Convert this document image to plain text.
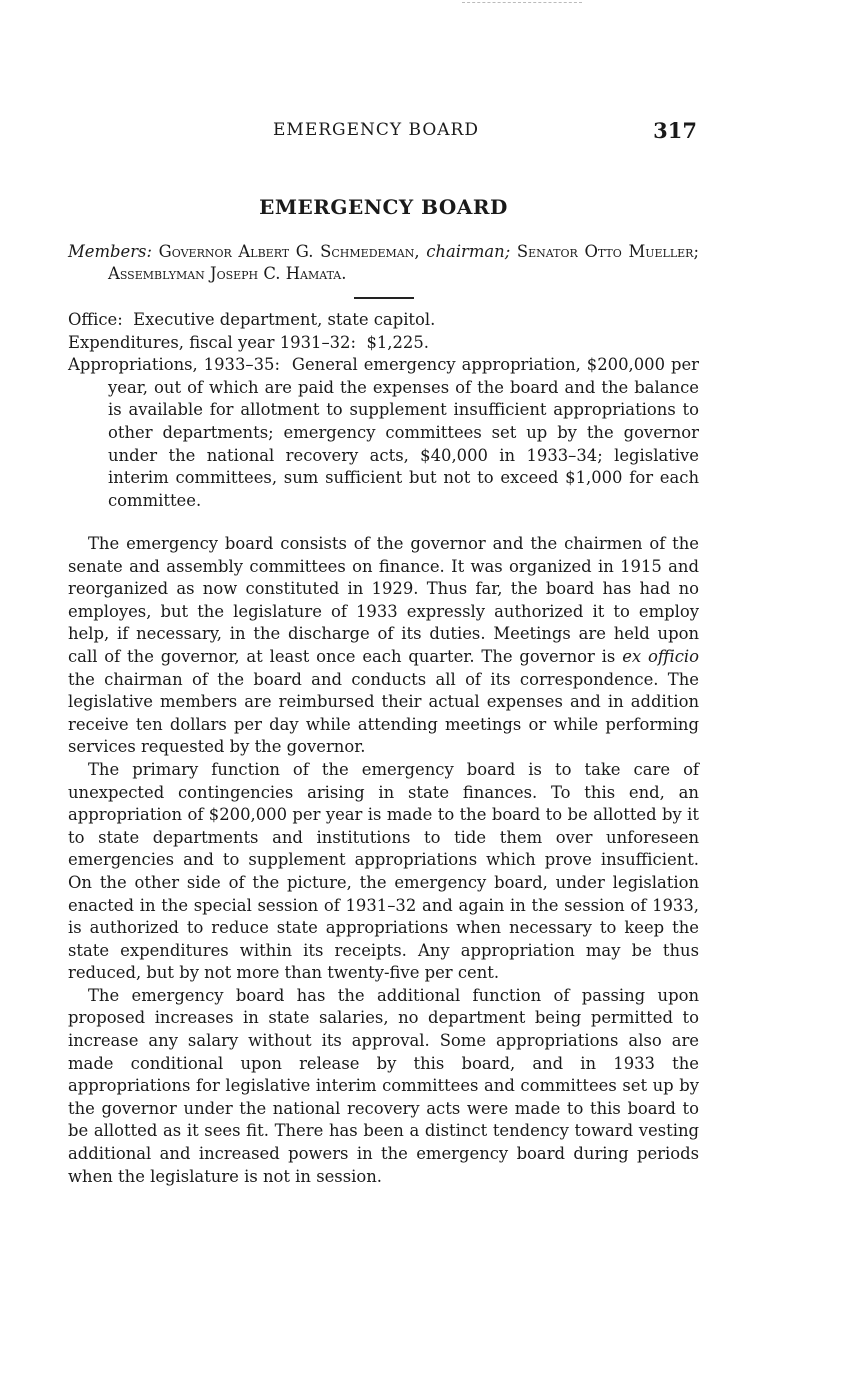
EMERGENCY BOARD	317
EMERGENCY BOARD
Members: Governor Albert G. Schmedeman, chairman; Senator Otto Mueller; Assemblyman Joseph C. Hamata.
Office: Executive department, state capitol.
Expenditures, fiscal year 1931–32: $1,225.
Appropriations, 1933–35: General emergency appropriation, $200,000 per year, out of which are paid the expenses of the board and the balance is available for allotment to supplement insufficient appropriations to other departments; emergency committees set up by the governor under the national recovery acts, $40,000 in 1933–34; legislative interim committees, sum sufficient but not to exceed $1,000 for each committee.

The emergency board consists of the governor and the chairmen of the senate and assembly committees on finance. It was organized in 1915 and reorganized as now constituted in 1929. Thus far, the board has had no employes, but the legislature of 1933 expressly authorized it to employ help, if necessary, in the discharge of its duties. Meetings are held upon call of the governor, at least once each quarter. The governor is ex officio the chairman of the board and conducts all of its correspondence. The legislative members are reimbursed their actual expenses and in addition receive ten dollars per day while attending meetings or while performing services requested by the governor.

The primary function of the emergency board is to take care of unexpected contingencies arising in state finances. To this end, an appropriation of $200,000 per year is made to the board to be allotted by it to state departments and institutions to tide them over unforeseen emergencies and to supplement appropriations which prove insufficient. On the other side of the picture, the emergency board, under legislation enacted in the special session of 1931–32 and again in the session of 1933, is authorized to reduce state appropriations when necessary to keep the state expenditures within its receipts. Any appropriation may be thus reduced, but by not more than twenty-five per cent.

The emergency board has the additional function of passing upon proposed increases in state salaries, no department being permitted to increase any salary without its approval. Some appropriations also are made conditional upon release by this board, and in 1933 the appropriations for legislative interim committees and committees set up by the governor under the national recovery acts were made to this board to be allotted as it sees fit. There has been a distinct tendency toward vesting additional and increased powers in the emergency board during periods when the legislature is not in session.
